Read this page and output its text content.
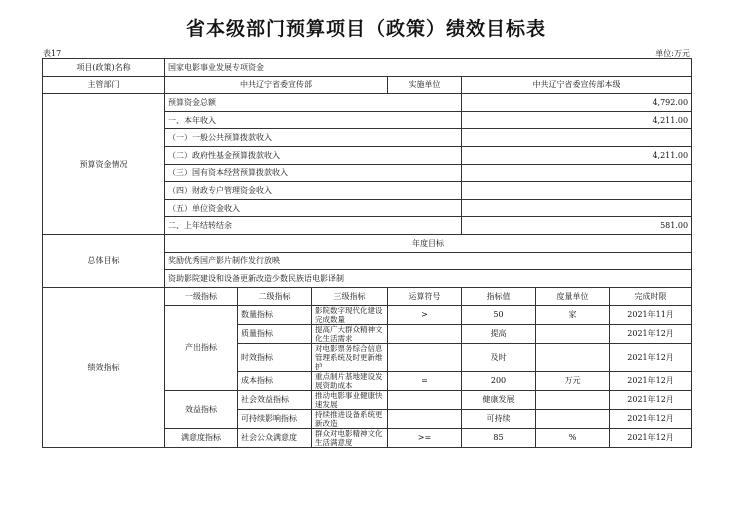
省本级部门预算项目（政策）绩效目标表
表17	单位:万元
项目(政策)名称	国家电影事业发展专项资金						
主管部门	中共辽宁省委宣传部			实施单位	中共辽宁省委宣传部本级		
预算资金情况	预算资金总额				4,792.00		
	一、本年收入				4,211.00		
	（一）一般公共预算拨款收入						
	（二）政府性基金预算拨款收入				4,211.00		
	（三）国有资本经营预算拨款收入						
	（四）财政专户管理资金收入						
	（五）单位资金收入						
	二、上年结转结余				581.00		
总体目标	年度目标						
	奖励优秀国产影片制作发行放映						
	资助影院建设和设备更新改造少数民族语电影译制						
绩效指标	一级指标	二级指标	三级指标	运算符号	指标值	度量单位	完成时限
	产出指标	数量指标	影院数字现代化建设完成数量	>	50	家	2021年11月
		质量指标	提高广大群众精神文化生活需求		提高		2021年12月
		时效指标	对电影票务综合信息管理系统及时更新维护		及时		2021年12月
		成本指标	重点制片基地建设发展资助成本	=	200	万元	2021年12月
	效益指标	社会效益指标	推动电影事业健康快速发展		健康发展		2021年12月
		可持续影响指标	持续推进设备系统更新改造		可持续		2021年12月
	满意度指标	社会公众满意度	群众对电影精神文化生活满意度	>=	85	%	2021年12月
